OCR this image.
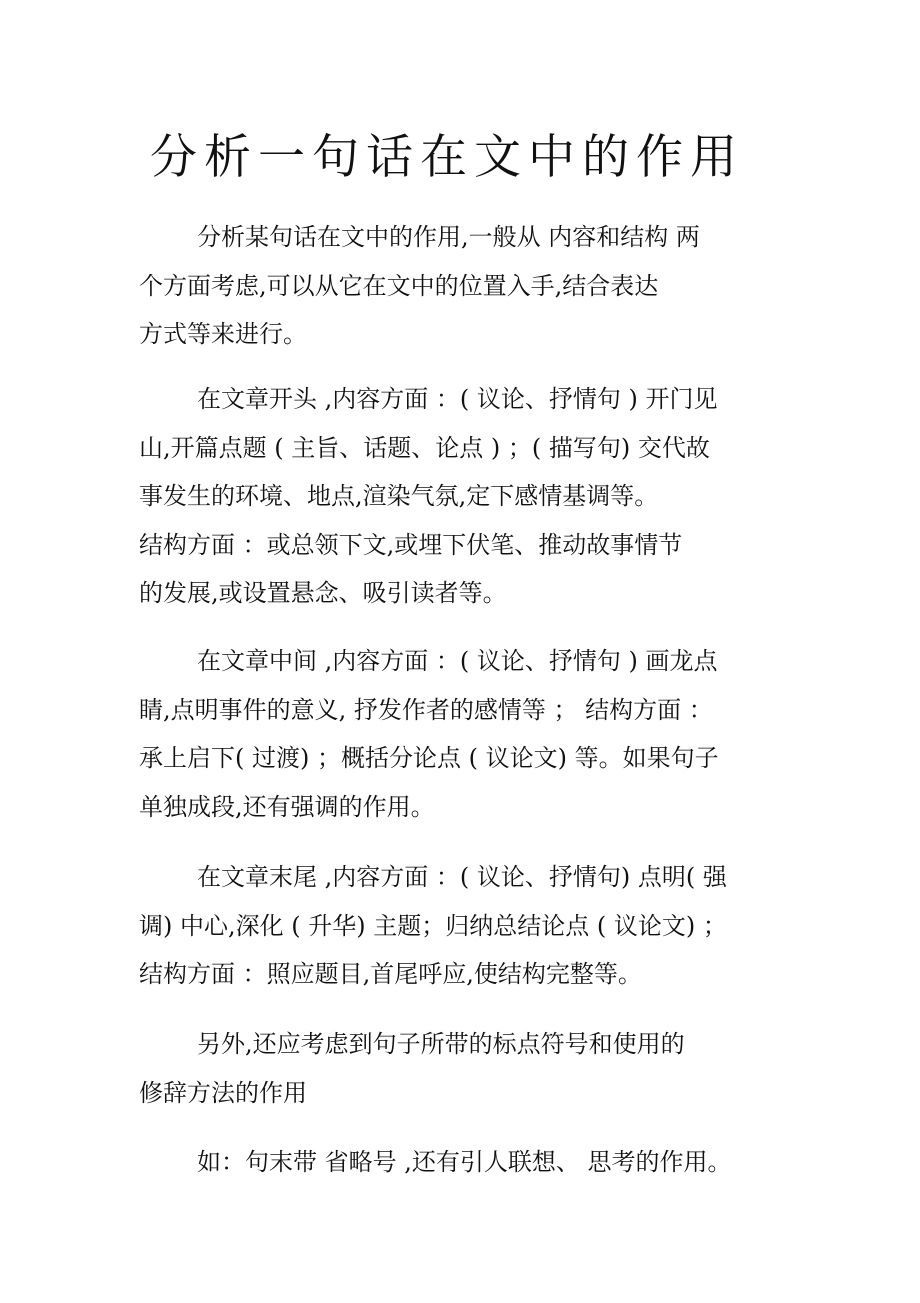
分析一句话在文中的作用
分析某句话在文中的作用,一般从 内容和结构 两
个方面考虑,可以从它在文中的位置入手,结合表达
方式等来进行。
在文章开头 ,内容方面 ：( 议论、抒情句 ) 开门见
山,开篇点题 ( 主旨、话题、论点 ) ；( 描写句) 交代故
事发生的环境、地点,渲染气氛,定下感情基调等。
结构方面 ：或总领下文,或埋下伏笔、推动故事情节
的发展,或设置悬念、吸引读者等。
在文章中间 ,内容方面 ：( 议论、抒情句 ) 画龙点
睛,点明事件的意义, 抒发作者的感情等 ； 结构方面 ：
承上启下( 过渡) ；概括分论点 ( 议论文) 等。如果句子
单独成段,还有强调的作用。
在文章末尾 ,内容方面 ：( 议论、抒情句) 点明( 强
调) 中心,深化 ( 升华) 主题；归纳总结论点 ( 议论文) ；
结构方面 ：照应题目,首尾呼应,使结构完整等。
另外,还应考虑到句子所带的标点符号和使用的
修辞方法的作用
如：句末带 省略号 ,还有引人联想、 思考的作用。
